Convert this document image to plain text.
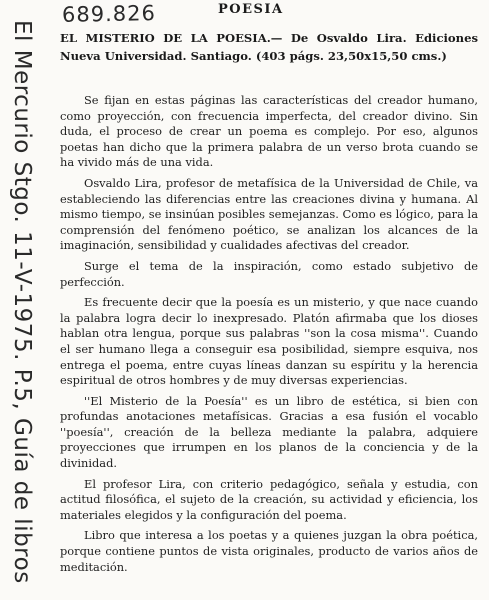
689.826
El Mercurio Stgo. 11-V-1975. P.5, Guía de libros
POESIA
EL MISTERIO DE LA POESIA.— De Osvaldo Lira. Ediciones Nueva Universidad. Santiago. (403 págs. 23,50x15,50 cms.)

Se fijan en estas páginas las características del creador humano, como proyección, con frecuencia imperfecta, del creador divino. Sin duda, el proceso de crear un poema es complejo. Por eso, algunos poetas han dicho que la primera palabra de un verso brota cuando se ha vivido más de una vida.

Osvaldo Lira, profesor de metafísica de la Universidad de Chile, va estableciendo las diferencias entre las creaciones divina y humana. Al mismo tiempo, se insinúan posibles semejanzas. Como es lógico, para la comprensión del fenómeno poético, se analizan los alcances de la imaginación, sensibilidad y cualidades afectivas del creador.

Surge el tema de la inspiración, como estado subjetivo de perfección.

Es frecuente decir que la poesía es un misterio, y que nace cuando la palabra logra decir lo inexpresado. Platón afirmaba que los dioses hablan otra lengua, porque sus palabras ''son la cosa misma''. Cuando el ser humano llega a conseguir esa posibilidad, siempre esquiva, nos entrega el poema, entre cuyas líneas danzan su espíritu y la herencia espiritual de otros hombres y de muy diversas experiencias.

''El Misterio de la Poesía'' es un libro de estética, si bien con profundas anotaciones metafísicas. Gracias a esa fusión el vocablo ''poesía'', creación de la belleza mediante la palabra, adquiere proyecciones que irrumpen en los planos de la conciencia y de la divinidad.

El profesor Lira, con criterio pedagógico, señala y estudia, con actitud filosófica, el sujeto de la creación, su actividad y eficiencia, los materiales elegidos y la configuración del poema.

Libro que interesa a los poetas y a quienes juzgan la obra poética, porque contiene puntos de vista originales, producto de varios años de meditación.
